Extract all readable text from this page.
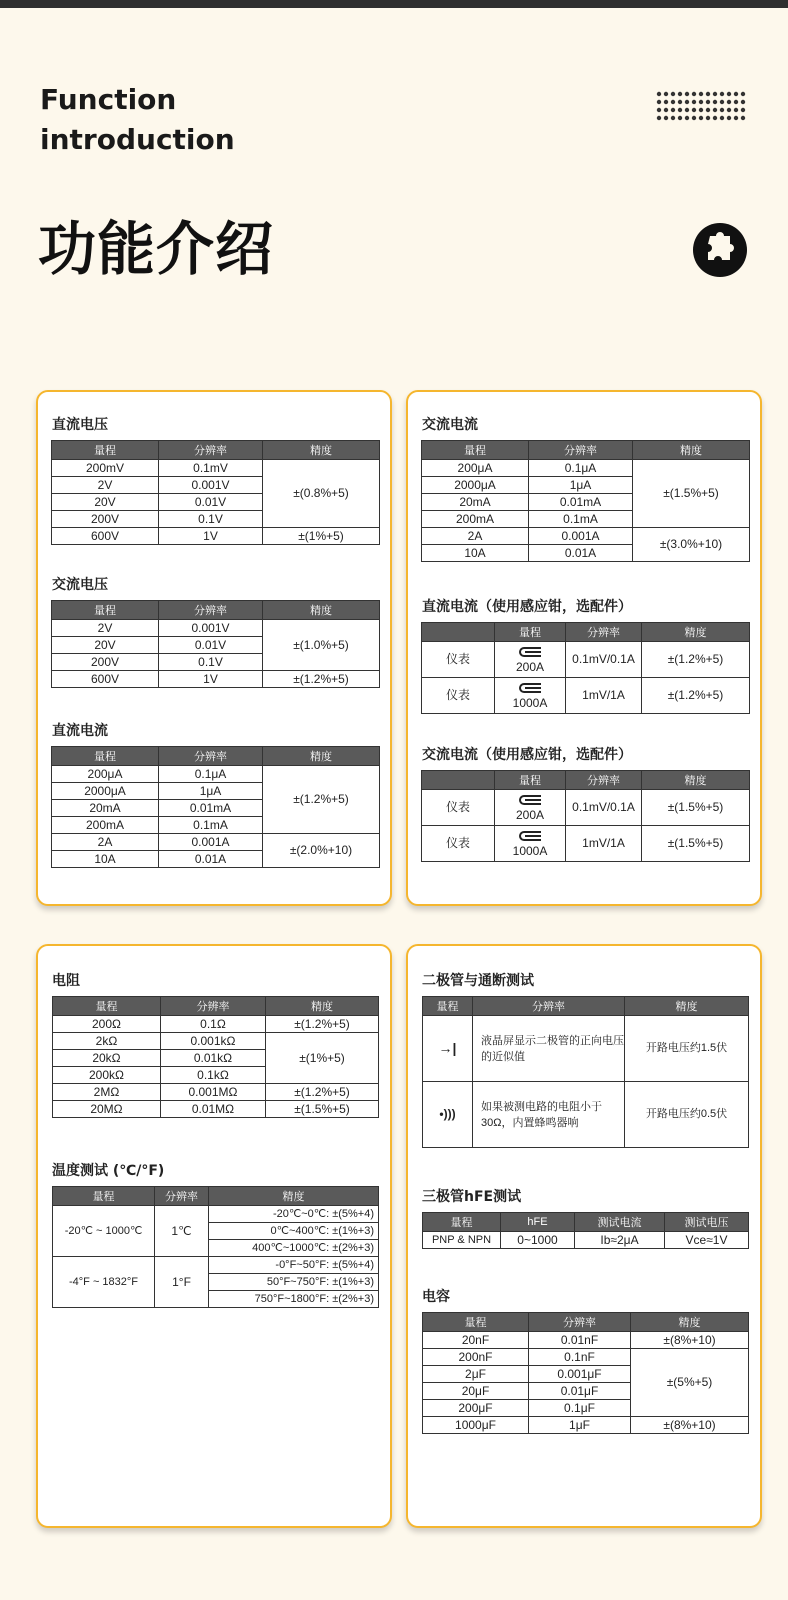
Function
introduction
功能介绍
直流电压
量程	分辨率	精度
200mV	0.1mV	±(0.8%+5)
2V	0.001V	
20V	0.01V	
200V	0.1V	
600V	1V	±(1%+5)
交流电压
量程	分辨率	精度
2V	0.001V	±(1.0%+5)
20V	0.01V	
200V	0.1V	
600V	1V	±(1.2%+5)
直流电流
量程	分辨率	精度
200μA	0.1μA	±(1.2%+5)
2000μA	1μA	
20mA	0.01mA	
200mA	0.1mA	
2A	0.001A	±(2.0%+10)
10A	0.01A	
交流电流
量程	分辨率	精度
200μA	0.1μA	±(1.5%+5)
2000μA	1μA	
20mA	0.01mA	
200mA	0.1mA	
2A	0.001A	±(3.0%+10)
10A	0.01A	
直流电流（使用感应钳，选配件）
	量程	分辨率	精度
仪表	200A	0.1mV/0.1A	±(1.2%+5)
仪表	1000A	1mV/1A	±(1.2%+5)
交流电流（使用感应钳，选配件）
	量程	分辨率	精度
仪表	200A	0.1mV/0.1A	±(1.5%+5)
仪表	1000A	1mV/1A	±(1.5%+5)
电阻
量程	分辨率	精度
200Ω	0.1Ω	±(1.2%+5)
2kΩ	0.001kΩ	±(1%+5)
20kΩ	0.01kΩ	
200kΩ	0.1kΩ	
2MΩ	0.001MΩ	±(1.2%+5)
20MΩ	0.01MΩ	±(1.5%+5)
温度测试 (℃/°F)
量程	分辨率	精度
-20℃ ~ 1000℃	1℃	-20℃~0℃: ±(5%+4)
		0℃~400℃: ±(1%+3)
		400℃~1000℃: ±(2%+3)
-4°F ~ 1832°F	1°F	-0°F~50°F: ±(5%+4)
		50°F~750°F: ±(1%+3)
		750°F~1800°F: ±(2%+3)
二极管与通断测试
量程	分辨率	精度
→|	液晶屏显示二极管的正向电压的近似值	开路电压约1.5伏
•)))	如果被测电路的电阻小于30Ω，内置蜂鸣器响	开路电压约0.5伏
三极管hFE测试
量程	hFE	测试电流	测试电压
PNP & NPN	0~1000	Ib≈2μA	Vce≈1V
电容
量程	分辨率	精度
20nF	0.01nF	±(8%+10)
200nF	0.1nF	±(5%+5)
2μF	0.001μF	
20μF	0.01μF	
200μF	0.1μF	
1000μF	1μF	±(8%+10)
